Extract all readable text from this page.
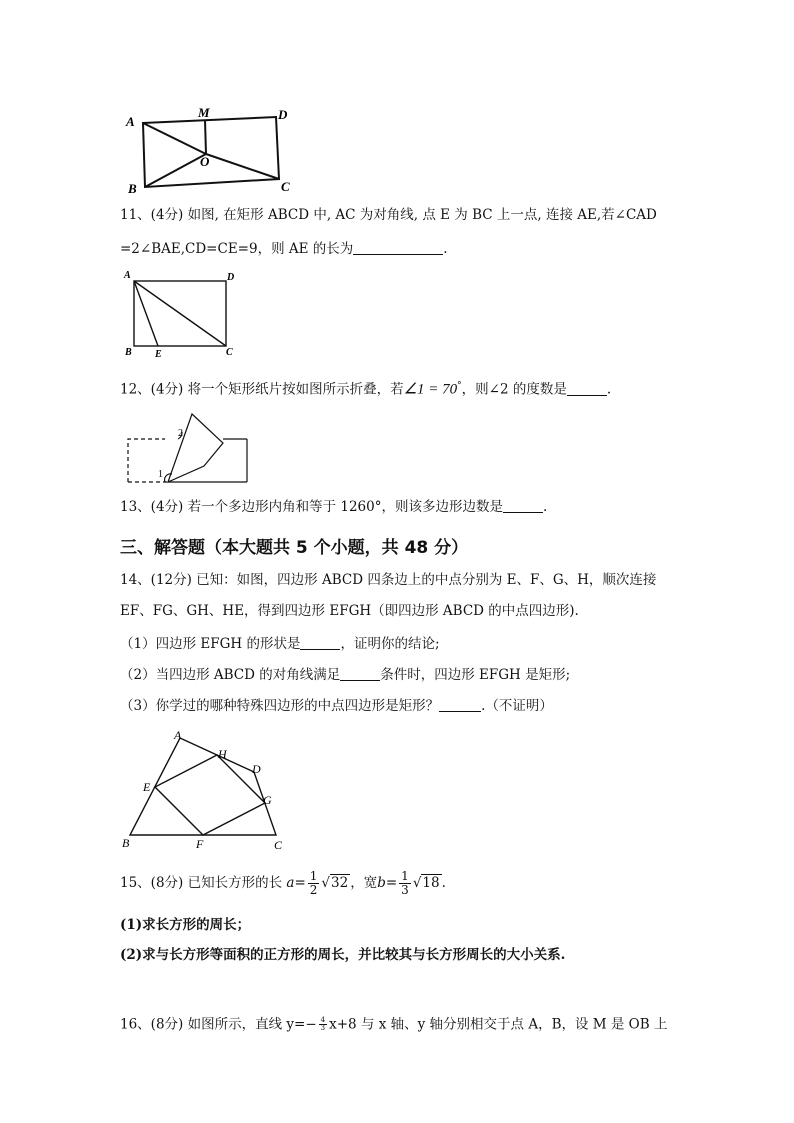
A
M	D
O
B	C
11、(4分) 如图, 在矩形 ABCD 中, AC 为对角线, 点 E 为 BC 上一点, 连接 AE,若∠CAD
=2∠BAE,CD=CE=9，则 AE 的长为	.
A	D
B E	C
12、(4分) 将一个矩形纸片按如图所示折叠，若∠1 = 70°，则∠2 的度数是	.
2
1
13、(4分) 若一个多边形内角和等于 1260°，则该多边形边数是	.
三、解答题（本大题共 5 个小题，共 48 分）
14、(12分) 已知：如图，四边形 ABCD 四条边上的中点分别为 E、F、G、H，顺次连接
EF、FG、GH、HE，得到四边形 EFGH（即四边形 ABCD 的中点四边形).
（1）四边形 EFGH 的形状是	，证明你的结论;
（2）当四边形 ABCD 的对角线满足	条件时，四边形 EFGH 是矩形;
（3）你学过的哪种特殊四边形的中点四边形是矩形？	.（不证明）
A
H
D
E
G
B	F	C
15、(8分) 已知长方形的长 $a= \frac{1}{2} √32$ ，宽$b= \frac{1}{3} √18$ .
(1)求长方形的周长；
(2)求与长方形等面积的正方形的周长，并比较其与长方形周长的大小关系.
16、(8分) 如图所示，直线 $y=- \frac{4}{3} x+8$ 与 x 轴、y 轴分别相交于点 A，B，设 M 是 OB 上
